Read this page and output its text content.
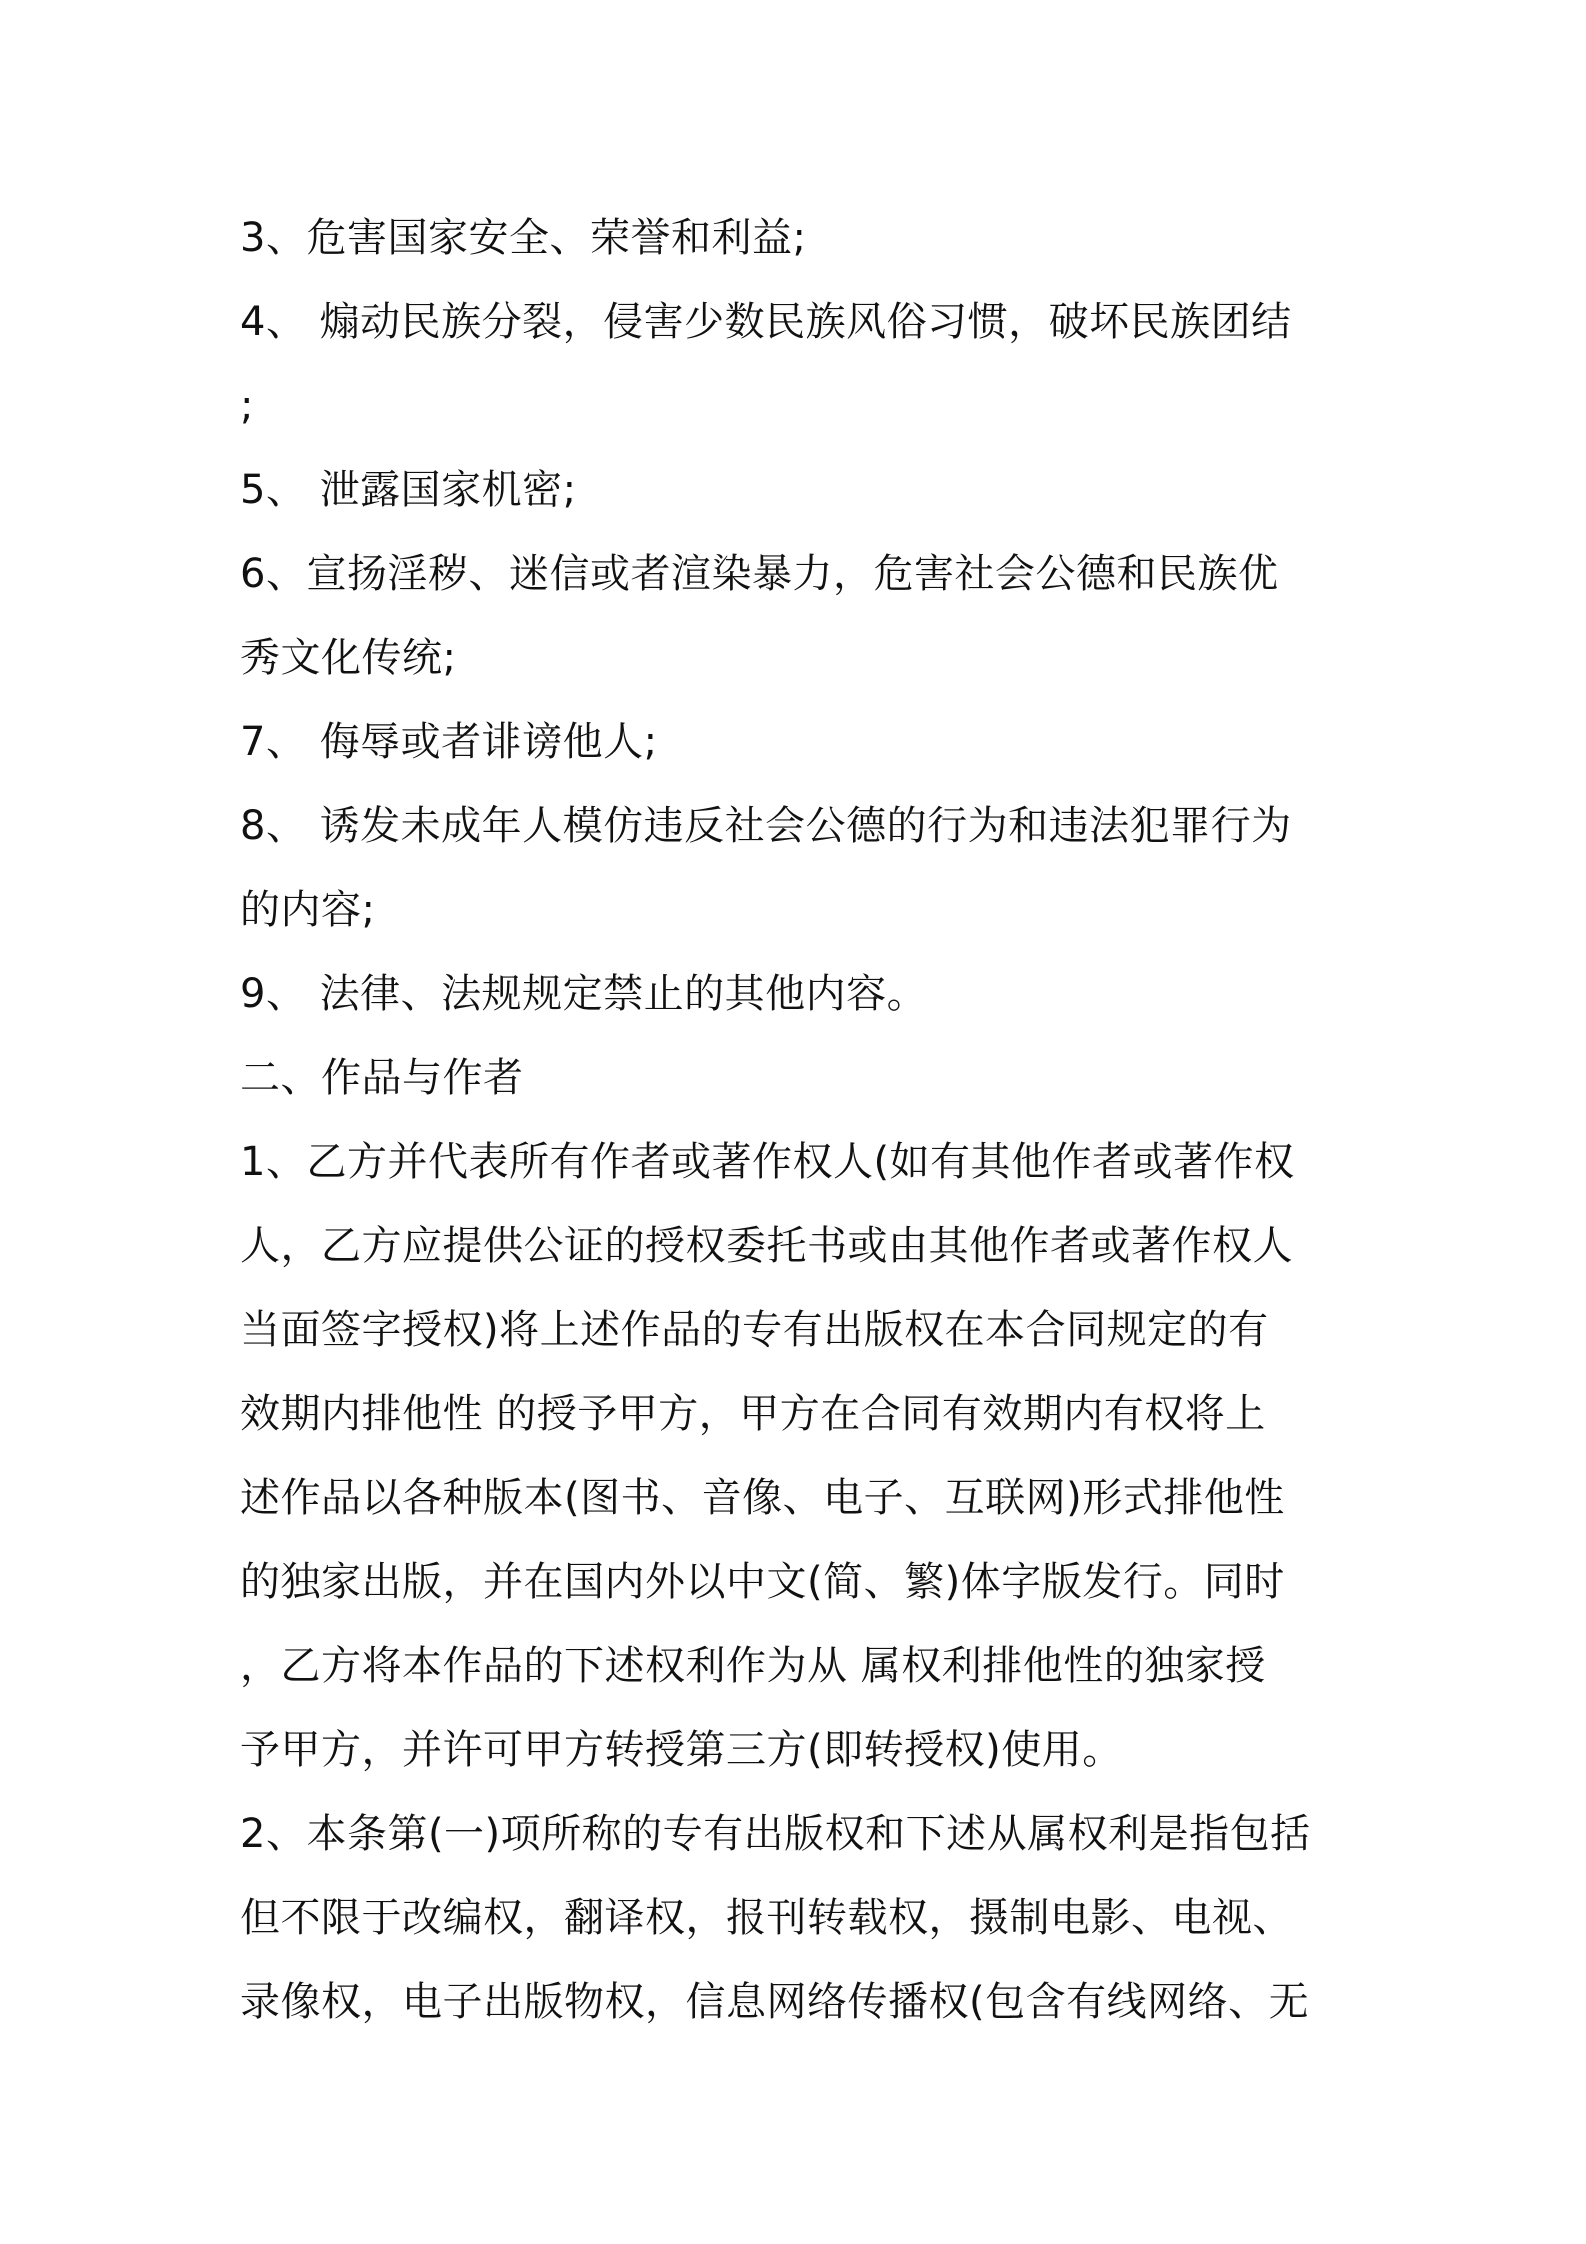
3、危害国家安全、荣誉和利益;
4、 煽动民族分裂，侵害少数民族风俗习惯，破坏民族团结
;
5、 泄露国家机密;
6、宣扬淫秽、迷信或者渲染暴力，危害社会公德和民族优
秀文化传统;
7、 侮辱或者诽谤他人;
8、 诱发未成年人模仿违反社会公德的行为和违法犯罪行为
的内容;
9、 法律、法规规定禁止的其他内容。
二、作品与作者
1、乙方并代表所有作者或著作权人(如有其他作者或著作权
人，乙方应提供公证的授权委托书或由其他作者或著作权人
当面签字授权)将上述作品的专有出版权在本合同规定的有
效期内排他性 的授予甲方，甲方在合同有效期内有权将上
述作品以各种版本(图书、音像、电子、互联网)形式排他性
的独家出版，并在国内外以中文(简、繁)体字版发行。同时
，乙方将本作品的下述权利作为从 属权利排他性的独家授
予甲方，并许可甲方转授第三方(即转授权)使用。
2、本条第(一)项所称的专有出版权和下述从属权利是指包括
但不限于改编权，翻译权，报刊转载权，摄制电影、电视、
录像权，电子出版物权，信息网络传播权(包含有线网络、无
